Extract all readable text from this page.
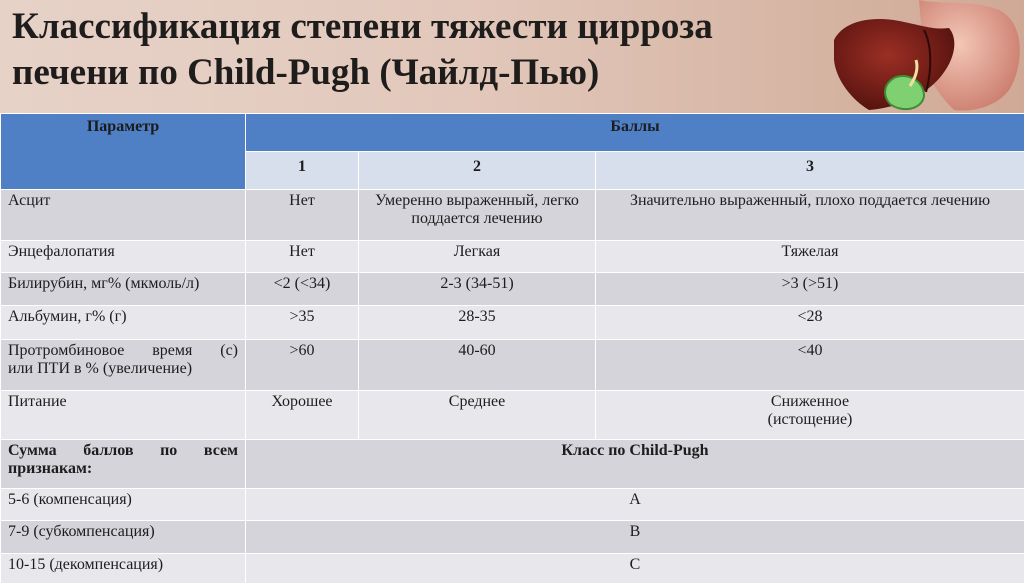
Классификация степени тяжести цирроза
печени по Child-Pugh (Чайлд-Пью)
Параметр	Баллы		
	1	2	3
Асцит	Нет	Умеренно выраженный, легко поддается лечению	Значительно выраженный, плохо поддается лечению
Энцефалопатия	Нет	Легкая	Тяжелая
Билирубин, мг% (мкмоль/л)	<2 (<34)	2-3 (34-51)	>3 (>51)
Альбумин, г% (г)	>35	28-35	<28

Протромбиновое время (с)
или ПТИ в % (увеличение)	>60	40-60	<40
Питание	Хорошее	Среднее	Сниженное
(истощение)

Сумма баллов по всем
признакам:	Класс по Child-Pugh		
5-6 (компенсация)	A		
7-9 (субкомпенсация)	B		
10-15 (декомпенсация)	C		
